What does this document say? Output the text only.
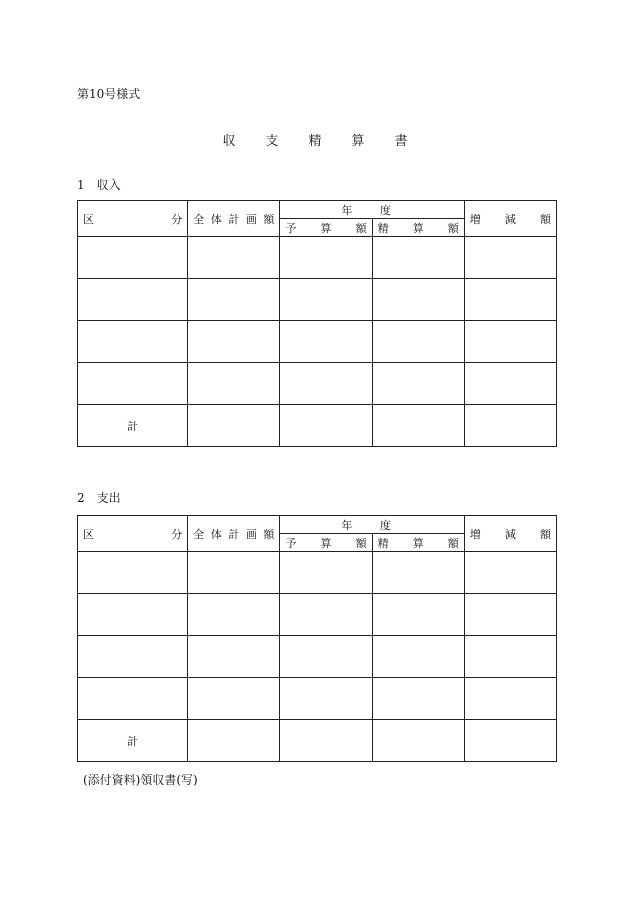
第10号様式
収支精算書
1　収入
区 分	全 体 計 画 額	年 度		増 減 額

		予 算 額	精 算 額	

計				
2　支出
区 分	全 体 計 画 額	年 度		増 減 額

		予 算 額	精 算 額	

計				
(添付資料)領収書(写)
